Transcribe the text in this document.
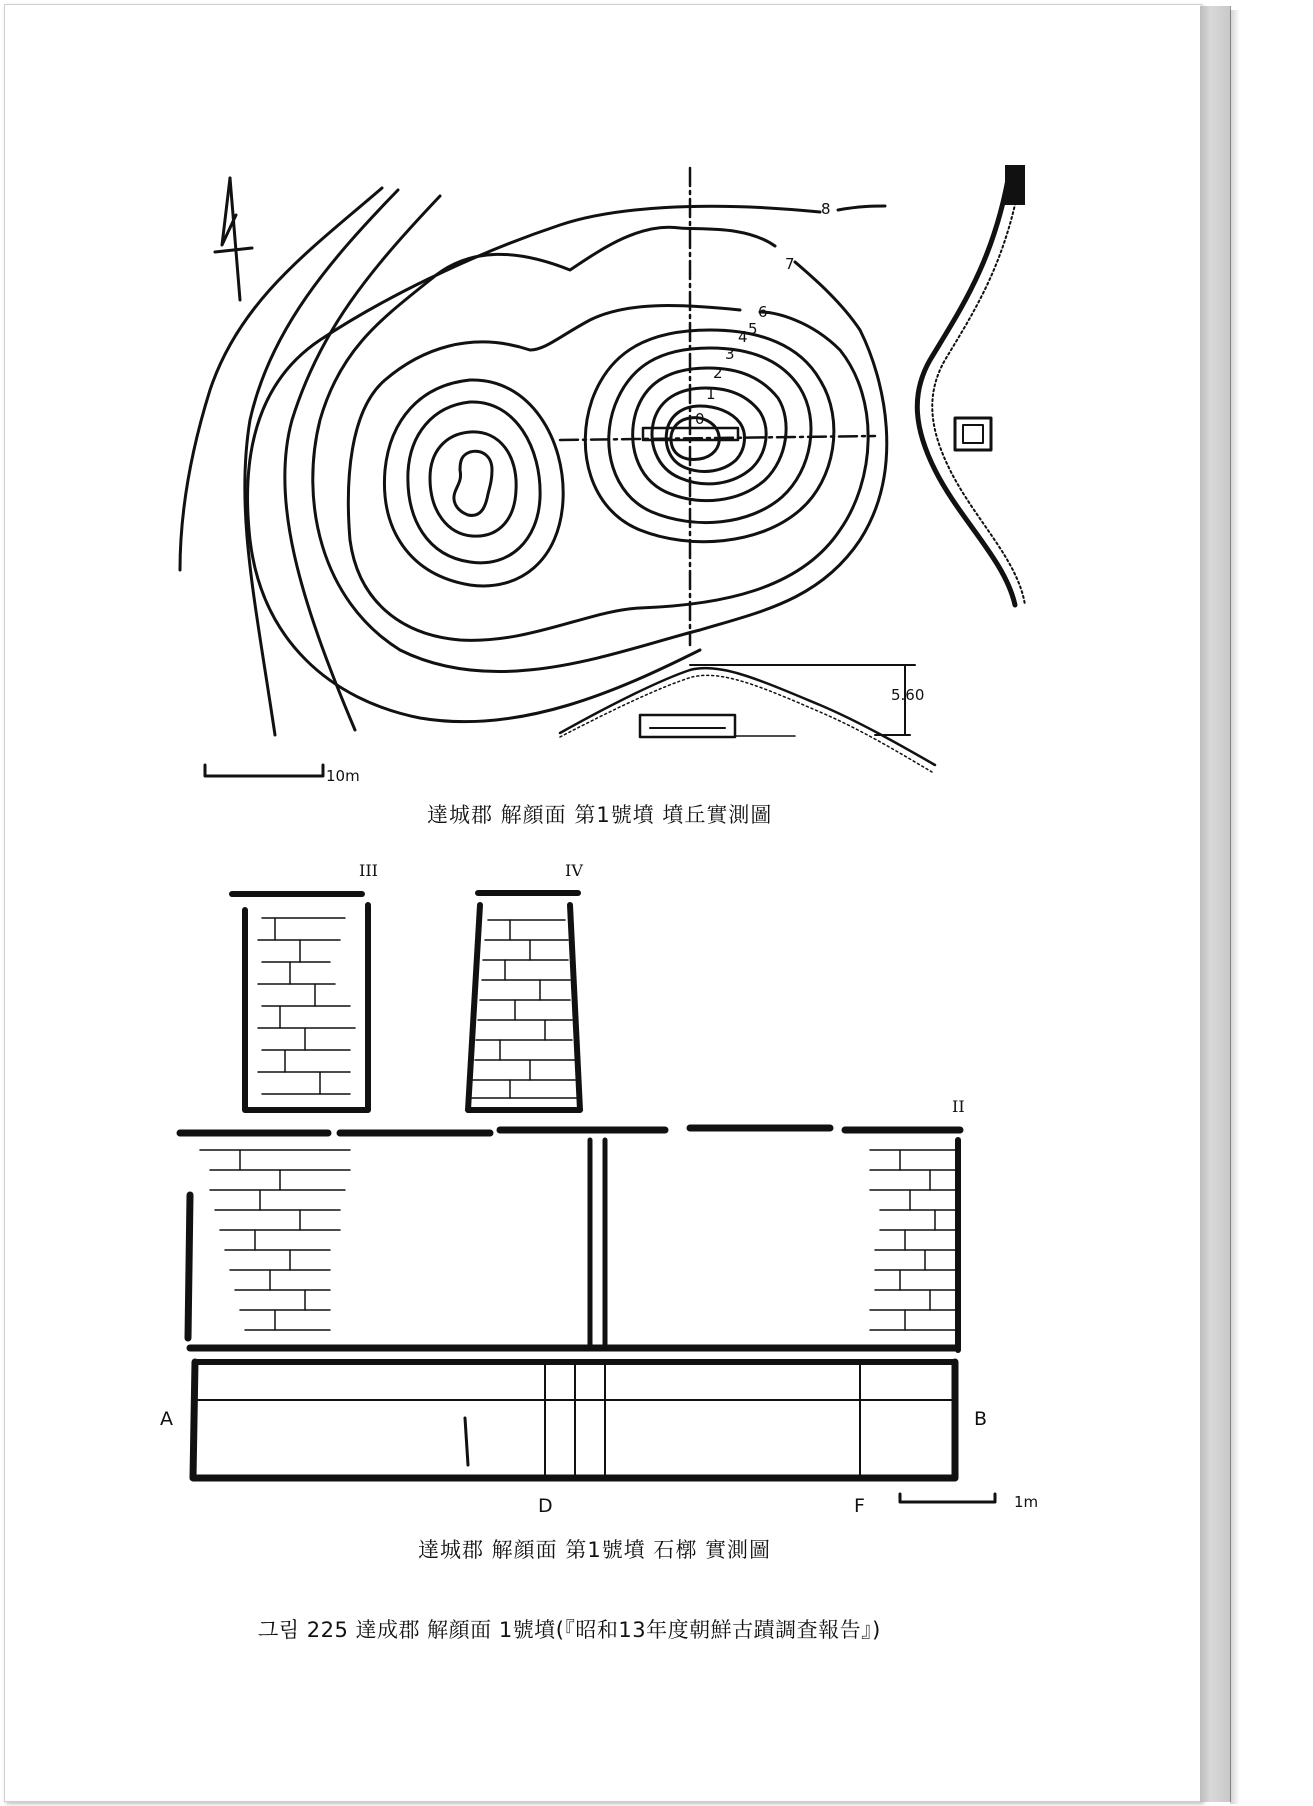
8
7
6
5
4
3
2
1
0
5.60
10m
達城郡 解顔面 第1號墳 墳丘實測圖
III	IV
II
A	B
D	F	1m
達城郡 解顔面 第1號墳 石槨 實測圖
그림 225 達成郡 解顔面 1號墳(『昭和13年度朝鮮古蹟調査報告』)
